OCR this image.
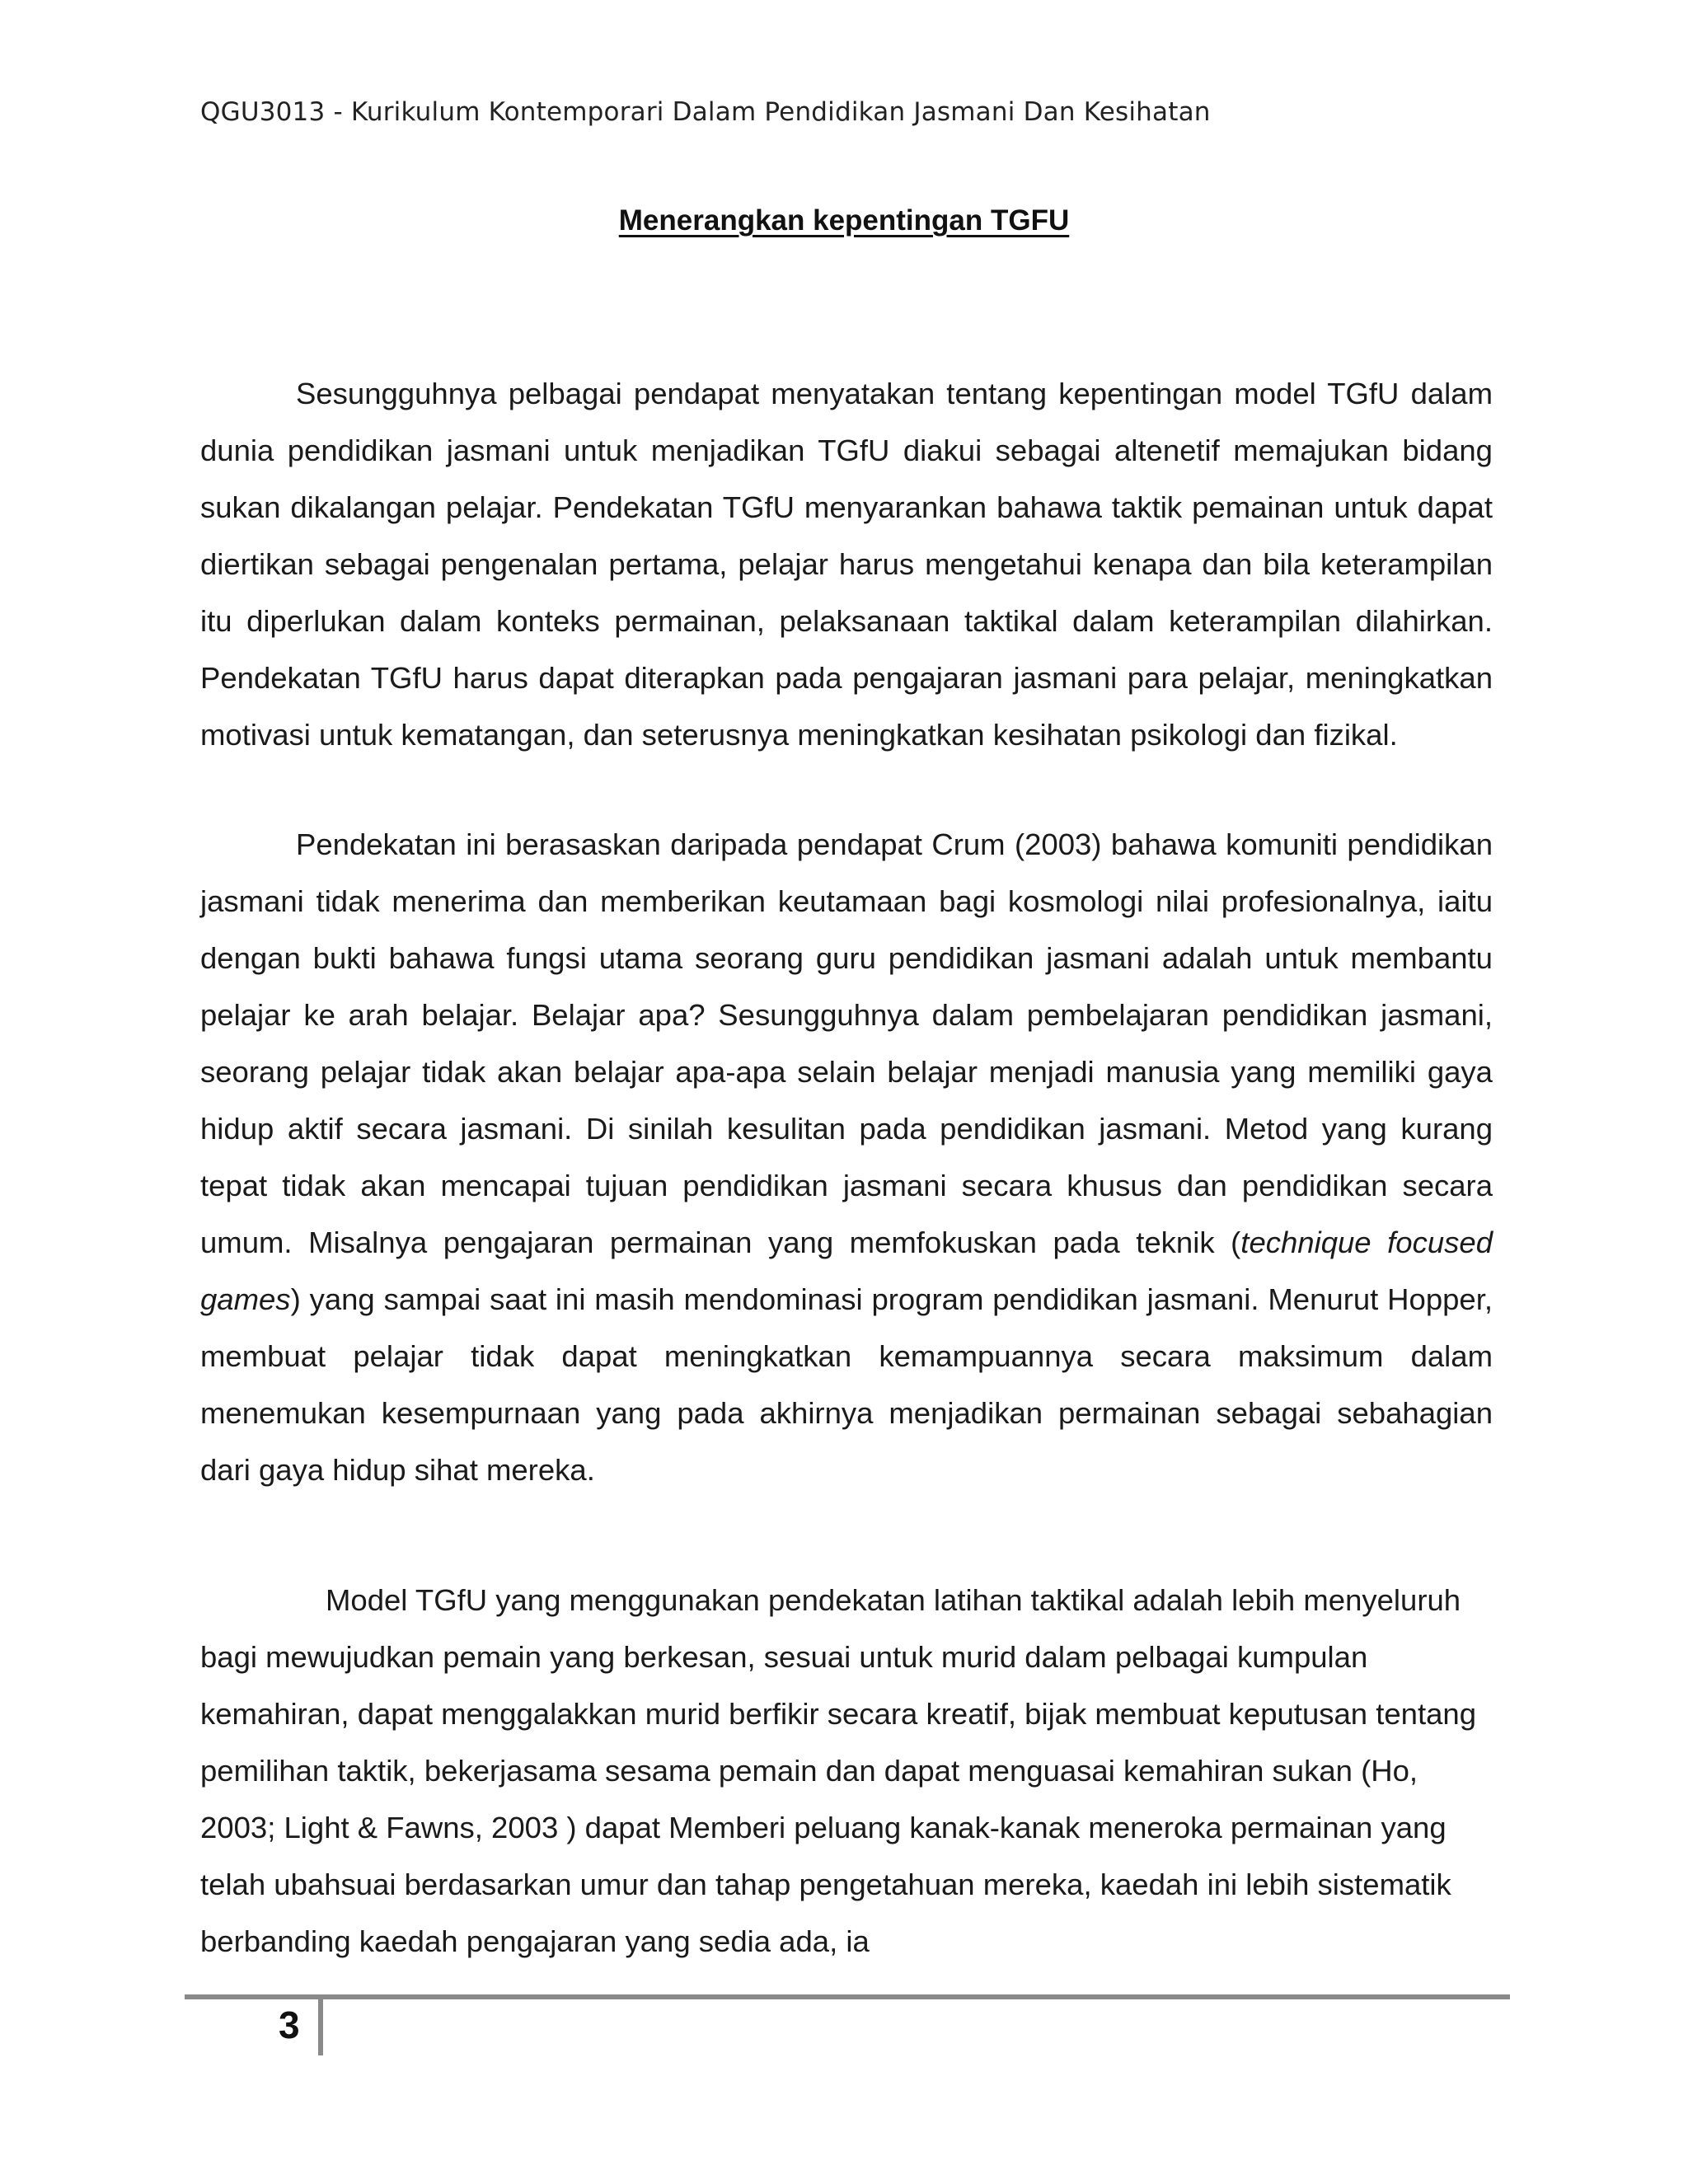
QGU3013 - Kurikulum Kontemporari Dalam Pendidikan Jasmani Dan Kesihatan
Menerangkan kepentingan TGFU

Sesungguhnya pelbagai pendapat menyatakan tentang kepentingan model TGfU dalam dunia pendidikan jasmani untuk menjadikan TGfU diakui sebagai altenetif memajukan bidang sukan dikalangan pelajar. Pendekatan TGfU menyarankan bahawa taktik pemainan untuk dapat diertikan sebagai pengenalan pertama, pelajar harus mengetahui kenapa dan bila keterampilan itu diperlukan dalam konteks permainan, pelaksanaan taktikal dalam keterampilan dilahirkan. Pendekatan TGfU harus dapat diterapkan pada pengajaran jasmani para pelajar, meningkatkan motivasi untuk kematangan, dan seterusnya meningkatkan kesihatan psikologi dan fizikal.

Pendekatan ini berasaskan daripada pendapat Crum (2003) bahawa komuniti pendidikan jasmani tidak menerima dan memberikan keutamaan bagi kosmologi nilai profesionalnya, iaitu dengan bukti bahawa fungsi utama seorang guru pendidikan jasmani adalah untuk membantu pelajar ke arah belajar. Belajar apa? Sesungguhnya dalam pembelajaran pendidikan jasmani, seorang pelajar tidak akan belajar apa-apa selain belajar menjadi manusia yang memiliki gaya hidup aktif secara jasmani. Di sinilah kesulitan pada pendidikan jasmani. Metod yang kurang tepat tidak akan mencapai tujuan pendidikan jasmani secara khusus dan pendidikan secara umum. Misalnya pengajaran permainan yang memfokuskan pada teknik (technique focused games) yang sampai saat ini masih mendominasi program pendidikan jasmani. Menurut Hopper, membuat pelajar tidak dapat meningkatkan kemampuannya secara maksimum dalam menemukan kesempurnaan yang pada akhirnya menjadikan permainan sebagai sebahagian dari gaya hidup sihat mereka.

Model TGfU yang menggunakan pendekatan latihan taktikal adalah lebih menyeluruh bagi mewujudkan pemain yang berkesan, sesuai untuk murid dalam pelbagai kumpulan kemahiran, dapat menggalakkan murid berfikir secara kreatif, bijak membuat keputusan tentang pemilihan taktik, bekerjasama sesama pemain dan dapat menguasai kemahiran sukan (Ho, 2003; Light & Fawns, 2003 ) dapat Memberi peluang kanak-kanak meneroka permainan yang telah ubahsuai berdasarkan umur dan tahap pengetahuan mereka, kaedah ini lebih sistematik berbanding kaedah pengajaran yang sedia ada, ia

3
